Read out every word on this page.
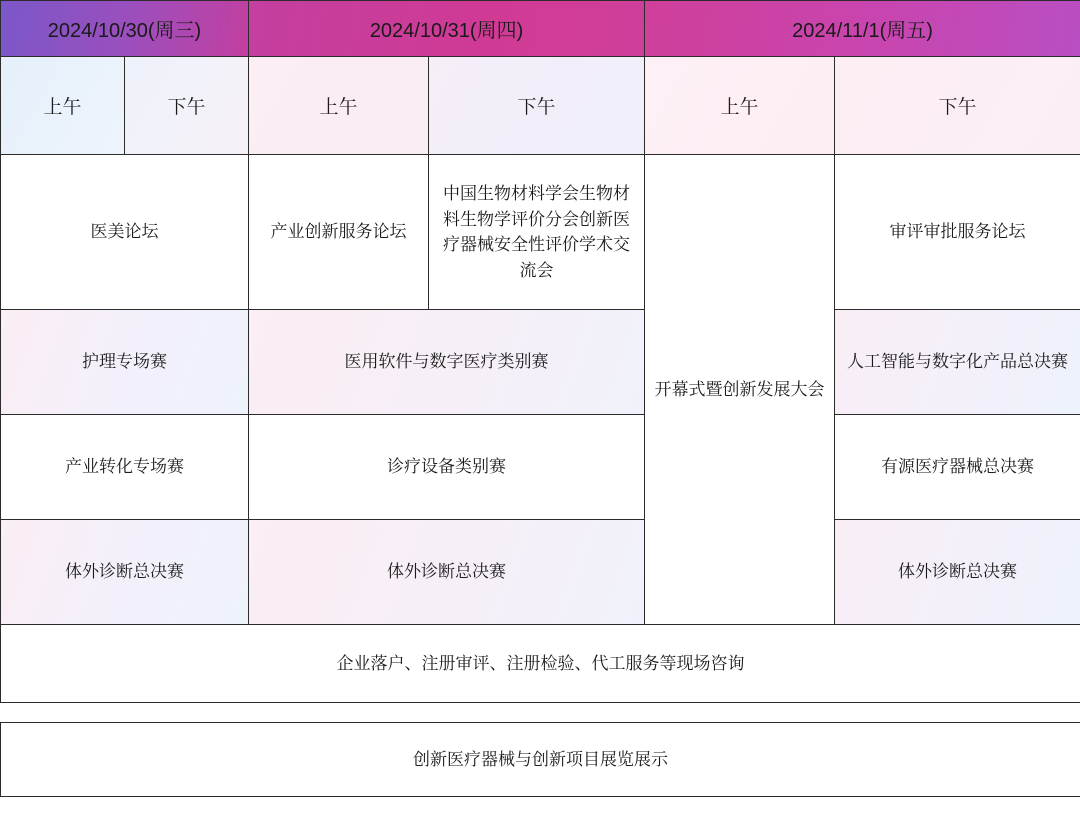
2024/10/30(周三)		2024/10/31(周四)		2024/11/1(周五)	
上午	下午	上午	下午	上午	下午
医美论坛		产业创新服务论坛	中国生物材料学会生物材料生物学评价分会创新医疗器械安全性评价学术交流会	开幕式暨创新发展大会	审评审批服务论坛
护理专场赛		医用软件与数字医疗类别赛			人工智能与数字化产品总决赛
产业转化专场赛		诊疗设备类别赛			有源医疗器械总决赛
体外诊断总决赛		体外诊断总决赛			体外诊断总决赛
企业落户、注册审评、注册检验、代工服务等现场咨询					

创新医疗器械与创新项目展览展示					
